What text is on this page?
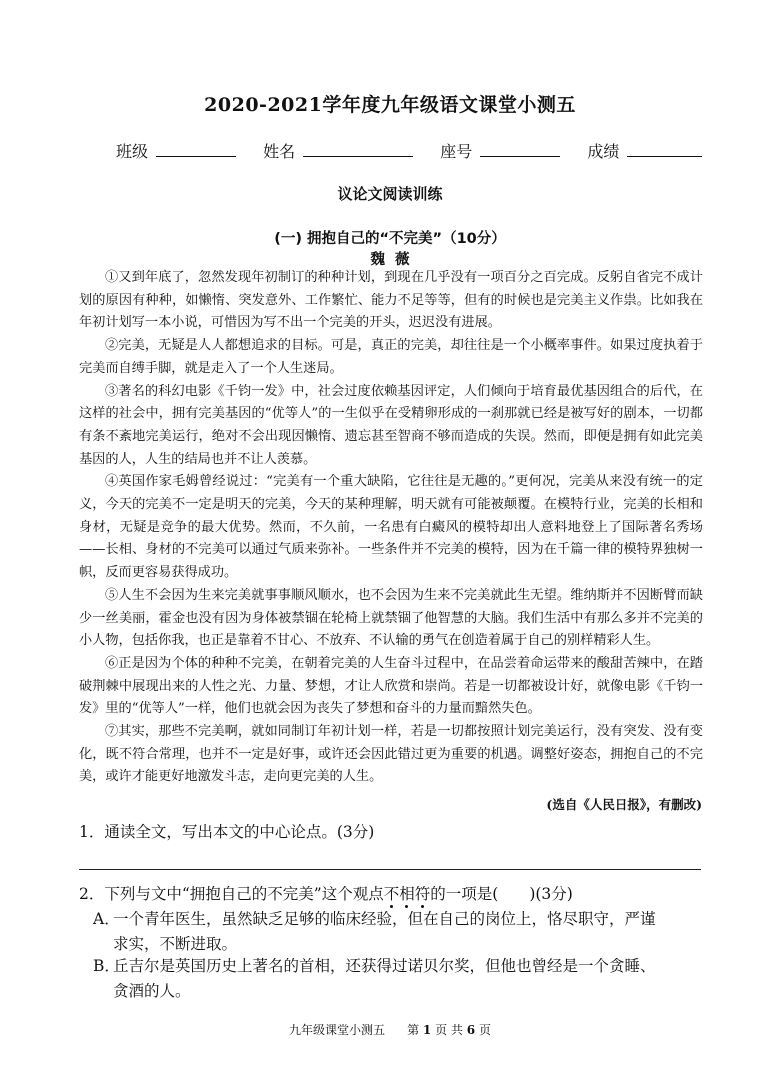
2020-2021学年度九年级语文课堂小测五
班级	姓名	座号	成绩
议论文阅读训练
(一) 拥抱自己的“不完美”（10分）
魏薇

①又到年底了，忽然发现年初制订的种种计划，到现在几乎没有一项百分之百完成。反躬自省完不成计划的原因有种种，如懒惰、突发意外、工作繁忙、能力不足等等，但有的时候也是完美主义作祟。比如我在年初计划写一本小说，可惜因为写不出一个完美的开头，迟迟没有进展。

②完美，无疑是人人都想追求的目标。可是，真正的完美，却往往是一个小概率事件。如果过度执着于完美而自缚手脚，就是走入了一个人生迷局。

③著名的科幻电影《千钧一发》中，社会过度依赖基因评定，人们倾向于培育最优基因组合的后代，在这样的社会中，拥有完美基因的“优等人”的一生似乎在受精卵形成的一刹那就已经是被写好的剧本，一切都有条不紊地完美运行，绝对不会出现因懒惰、遗忘甚至智商不够而造成的失误。然而，即便是拥有如此完美基因的人，人生的结局也并不让人羡慕。

④英国作家毛姆曾经说过：“完美有一个重大缺陷，它往往是无趣的。”更何况，完美从来没有统一的定义，今天的完美不一定是明天的完美，今天的某种理解，明天就有可能被颠覆。在模特行业，完美的长相和身材，无疑是竞争的最大优势。然而，不久前，一名患有白癜风的模特却出人意料地登上了国际著名秀场——长相、身材的不完美可以通过气质来弥补。一些条件并不完美的模特，因为在千篇一律的模特界独树一帜，反而更容易获得成功。

⑤人生不会因为生来完美就事事顺风顺水，也不会因为生来不完美就此生无望。维纳斯并不因断臂而缺少一丝美丽，霍金也没有因为身体被禁锢在轮椅上就禁锢了他智慧的大脑。我们生活中有那么多并不完美的小人物，包括你我，也正是靠着不甘心、不放弃、不认输的勇气在创造着属于自己的别样精彩人生。

⑥正是因为个体的种种不完美，在朝着完美的人生奋斗过程中，在品尝着命运带来的酸甜苦辣中，在踏破荆棘中展现出来的人性之光、力量、梦想，才让人欣赏和崇尚。若是一切都被设计好，就像电影《千钧一发》里的“优等人”一样，他们也就会因为丧失了梦想和奋斗的力量而黯然失色。

⑦其实，那些不完美啊，就如同制订年初计划一样，若是一切都按照计划完美运行，没有突发、没有变化，既不符合常理，也并不一定是好事，或许还会因此错过更为重要的机遇。调整好姿态，拥抱自己的不完美，或许才能更好地激发斗志，走向更完美的人生。

(选自《人民日报》，有删改)
1．通读全文，写出本文的中心论点。(3分)
2．下列与文中“拥抱自己的不完美”这个观点不相符的一项是(　　)(3分)
A．
一个青年医生，虽然缺乏足够的临床经验，但在自己的岗位上，恪尽职守，严谨
求实，不断进取。
B．
丘吉尔是英国历史上著名的首相，还获得过诺贝尔奖，但他也曾经是一个贪睡、
贪酒的人。
九年级课堂小测五 第 1 页 共 6 页
